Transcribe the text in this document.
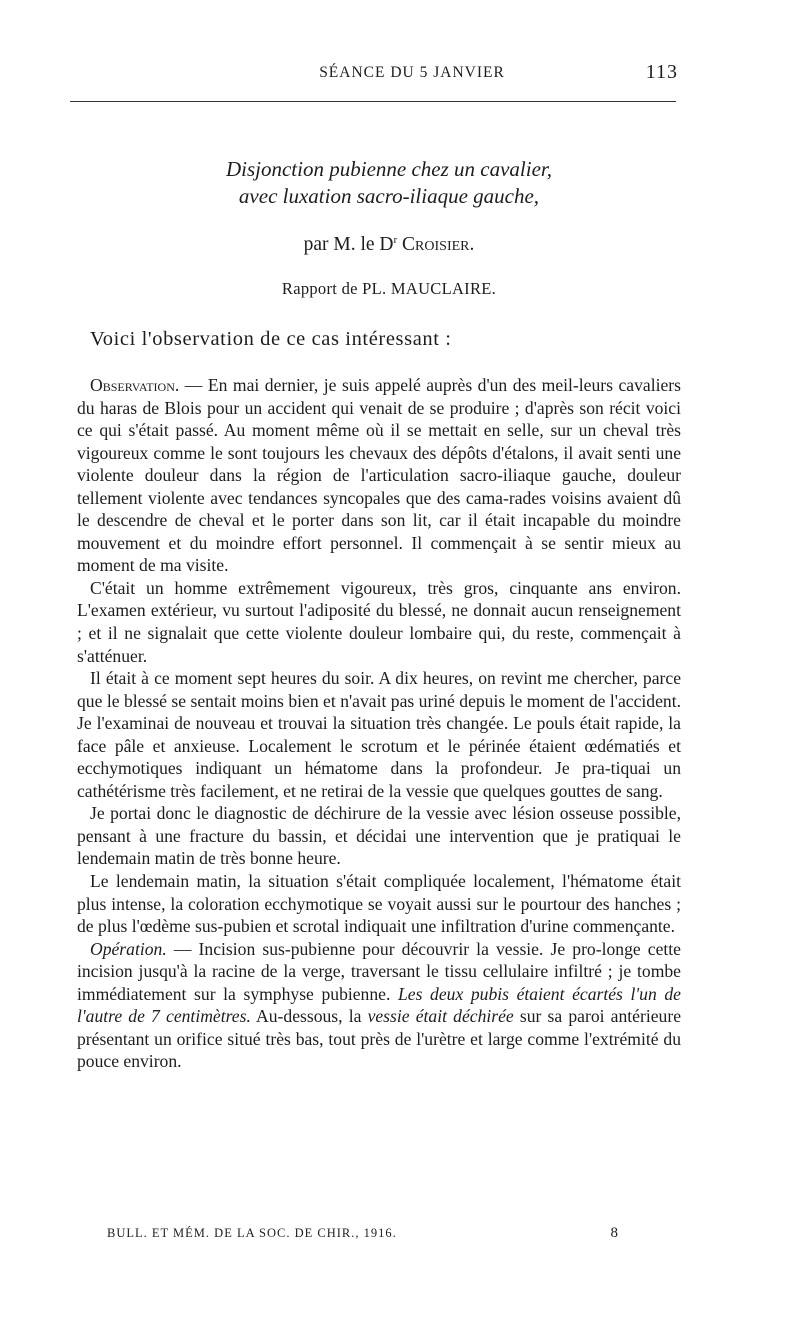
SÉANCE DU 5 JANVIER	113

Disjonction pubienne chez un cavalier,

avec luxation sacro-iliaque gauche,

par M. le $D^r$ Croisier.
Rapport de PL. MAUCLAIRE.
Voici l'observation de ce cas intéressant :

Observation. — En mai dernier, je suis appelé auprès d'un des meil-leurs cavaliers du haras de Blois pour un accident qui venait de se produire ; d'après son récit voici ce qui s'était passé. Au moment même où il se mettait en selle, sur un cheval très vigoureux comme le sont toujours les chevaux des dépôts d'étalons, il avait senti une violente douleur dans la région de l'articulation sacro-iliaque gauche, douleur tellement violente avec tendances syncopales que des cama-rades voisins avaient dû le descendre de cheval et le porter dans son lit, car il était incapable du moindre mouvement et du moindre effort personnel. Il commençait à se sentir mieux au moment de ma visite.

C'était un homme extrêmement vigoureux, très gros, cinquante ans environ. L'examen extérieur, vu surtout l'adiposité du blessé, ne donnait aucun renseignement ; et il ne signalait que cette violente douleur lombaire qui, du reste, commençait à s'atténuer.

Il était à ce moment sept heures du soir. A dix heures, on revint me chercher, parce que le blessé se sentait moins bien et n'avait pas uriné depuis le moment de l'accident. Je l'examinai de nouveau et trouvai la situation très changée. Le pouls était rapide, la face pâle et anxieuse. Localement le scrotum et le périnée étaient œdématiés et ecchymotiques indiquant un hématome dans la profondeur. Je pra-tiquai un cathétérisme très facilement, et ne retirai de la vessie que quelques gouttes de sang.

Je portai donc le diagnostic de déchirure de la vessie avec lésion osseuse possible, pensant à une fracture du bassin, et décidai une intervention que je pratiquai le lendemain matin de très bonne heure.

Le lendemain matin, la situation s'était compliquée localement, l'hématome était plus intense, la coloration ecchymotique se voyait aussi sur le pourtour des hanches ; de plus l'œdème sus-pubien et scrotal indiquait une infiltration d'urine commençante.

Opération. — Incision sus-pubienne pour découvrir la vessie. Je pro-longe cette incision jusqu'à la racine de la verge, traversant le tissu cellulaire infiltré ; je tombe immédiatement sur la symphyse pubienne. Les deux pubis étaient écartés l'un de l'autre de 7 centimètres. Au-dessous, la vessie était déchirée sur sa paroi antérieure présentant un orifice situé très bas, tout près de l'urètre et large comme l'extrémité du pouce environ.

BULL. ET MÉM. DE LA SOC. DE CHIR., 1916.	8
